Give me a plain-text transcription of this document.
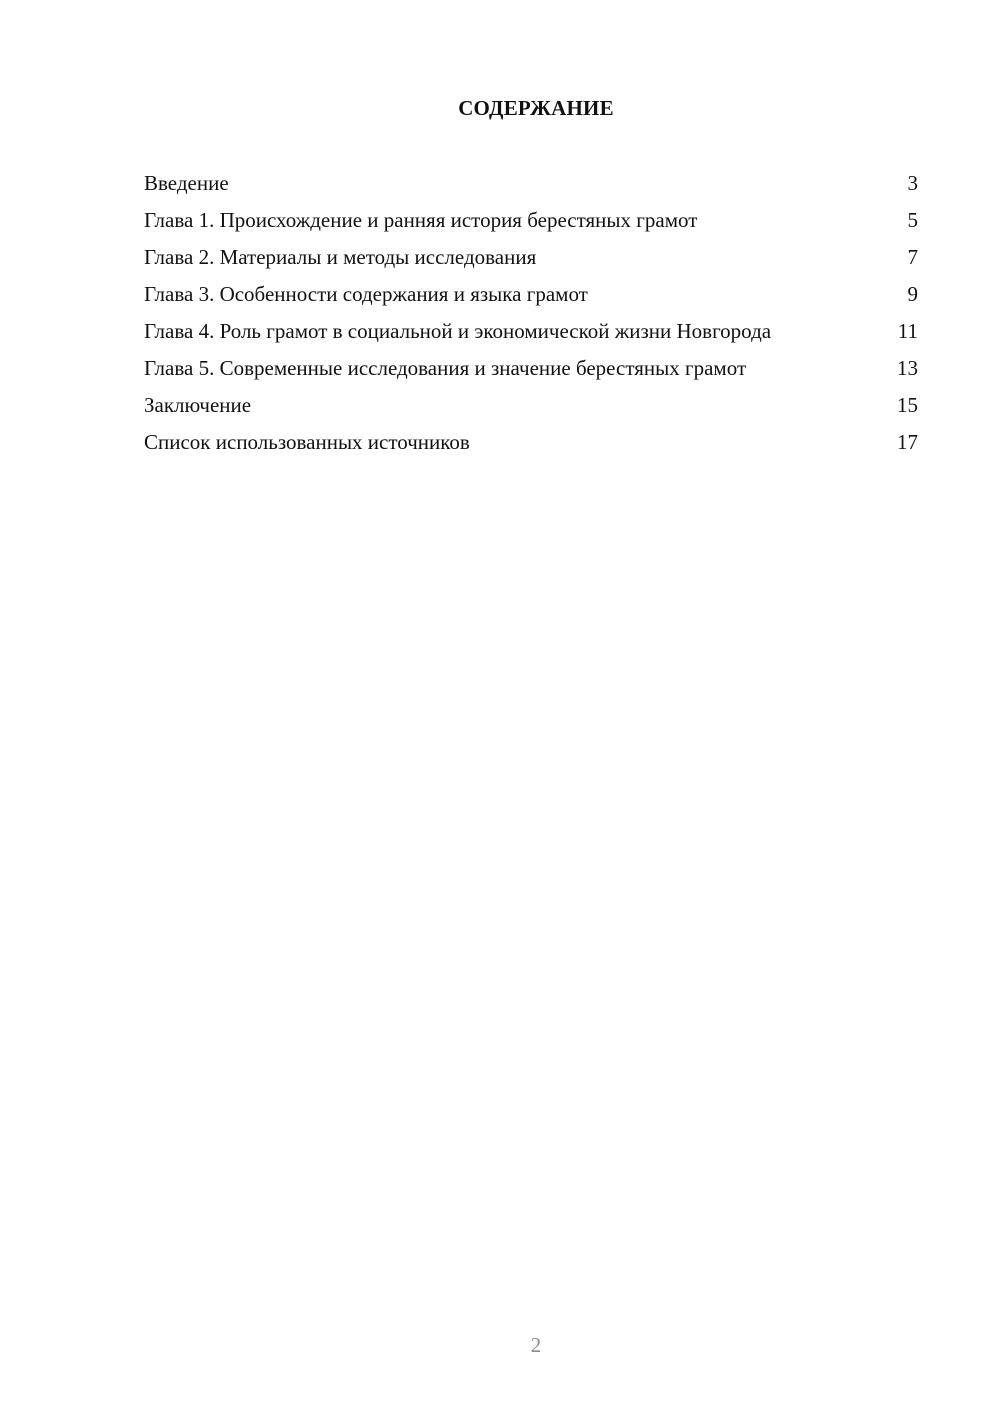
СОДЕРЖАНИЕ
Введение	3
Глава 1. Происхождение и ранняя история берестяных грамот	5
Глава 2. Материалы и методы исследования	7
Глава 3. Особенности содержания и языка грамот	9
Глава 4. Роль грамот в социальной и экономической жизни Новгорода	11
Глава 5. Современные исследования и значение берестяных грамот	13
Заключение	15
Список использованных источников	17
2
